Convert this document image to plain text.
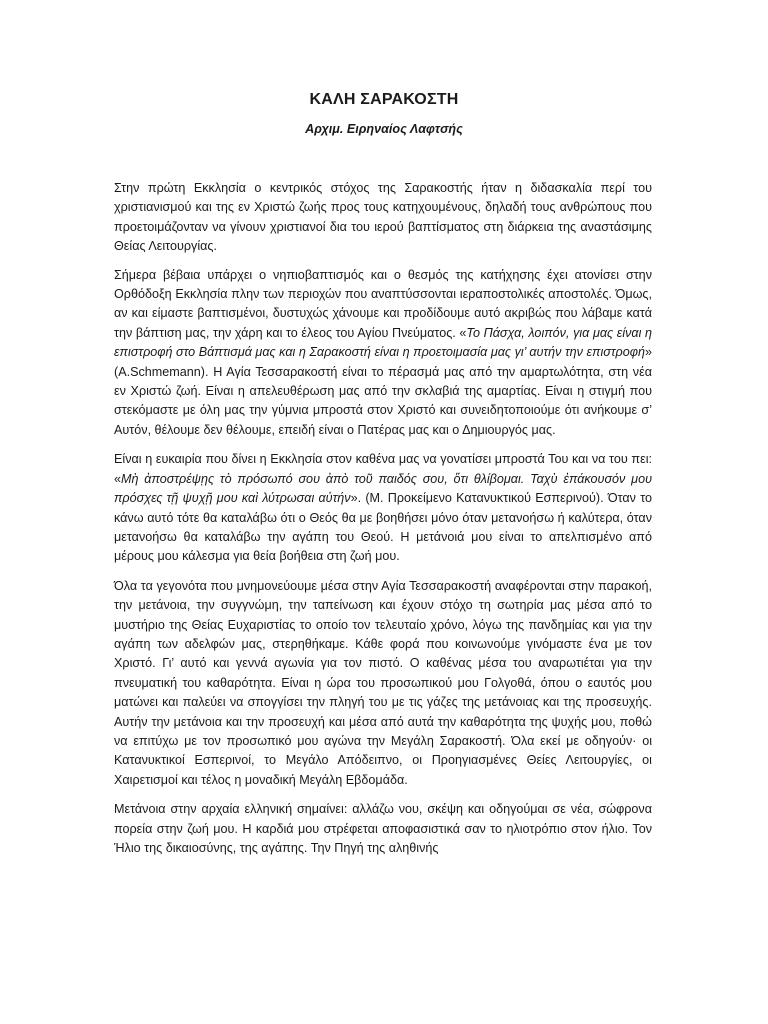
ΚΑΛΗ ΣΑΡΑΚΟΣΤΗ
Αρχιμ. Ειρηναίος Λαφτσής

Στην πρώτη Εκκλησία ο κεντρικός στόχος της Σαρακοστής ήταν η διδασκαλία περί του χριστιανισμού και της εν Χριστώ ζωής προς τους κατηχουμένους, δηλαδή τους ανθρώπους που προετοιμάζονταν να γίνουν χριστιανοί δια του ιερού βαπτίσματος στη διάρκεια της αναστάσιμης Θείας Λειτουργίας.

Σήμερα βέβαια υπάρχει ο νηπιοβαπτισμός και ο θεσμός της κατήχησης έχει ατονίσει στην Ορθόδοξη Εκκλησία πλην των περιοχών που αναπτύσσονται ιεραποστολικές αποστολές. Όμως, αν και είμαστε βαπτισμένοι, δυστυχώς χάνουμε και προδίδουμε αυτό ακριβώς που λάβαμε κατά την βάπτιση μας, την χάρη και το έλεος του Αγίου Πνεύματος. «Το Πάσχα, λοιπόν, για μας είναι η επιστροφή στο Βάπτισμά μας και η Σαρακοστή είναι η προετοιμασία μας γι’ αυτήν την επιστροφή» (A.Schmemann). Η Αγία Τεσσαρακοστή είναι το πέρασμά μας από την αμαρτωλότητα, στη νέα εν Χριστώ ζωή. Είναι η απελευθέρωση μας από την σκλαβιά της αμαρτίας. Είναι η στιγμή που στεκόμαστε με όλη μας την γύμνια μπροστά στον Χριστό και συνειδητοποιούμε ότι ανήκουμε σ’ Αυτόν, θέλουμε δεν θέλουμε, επειδή είναι ο Πατέρας μας και ο Δημιουργός μας.

Είναι η ευκαιρία που δίνει η Εκκλησία στον καθένα μας να γονατίσει μπροστά Του και να του πει: «Μὴ ἀποστρέψῃς τὸ πρόσωπό σου ἀπὸ τοῦ παιδός σου, ὅτι θλίβομαι. Ταχὺ ἐπάκουσόν μου πρόσχες τῇ ψυχῇ μου καὶ λύτρωσαι αὐτήν». (Μ. Προκείμενο Κατανυκτικού Εσπερινού). Όταν το κάνω αυτό τότε θα καταλάβω ότι ο Θεός θα με βοηθήσει μόνο όταν μετανοήσω ή καλύτερα, όταν μετανοήσω θα καταλάβω την αγάπη του Θεού. Η μετάνοιά μου είναι το απελπισμένο από μέρους μου κάλεσμα για θεία βοήθεια στη ζωή μου.

Όλα τα γεγονότα που μνημονεύουμε μέσα στην Αγία Τεσσαρακοστή αναφέρονται στην παρακοή, την μετάνοια, την συγγνώμη, την ταπείνωση και έχουν στόχο τη σωτηρία μας μέσα από το μυστήριο της Θείας Ευχαριστίας το οποίο τον τελευταίο χρόνο, λόγω της πανδημίας και για την αγάπη των αδελφών μας, στερηθήκαμε. Κάθε φορά που κοινωνούμε γινόμαστε ένα με τον Χριστό. Γι’ αυτό και γεννά αγωνία για τον πιστό. Ο καθένας μέσα του αναρωτιέται για την πνευματική του καθαρότητα. Είναι η ώρα του προσωπικού μου Γολγοθά, όπου ο εαυτός μου ματώνει και παλεύει να σπογγίσει την πληγή του με τις γάζες της μετάνοιας και της προσευχής. Αυτήν την μετάνοια και την προσευχή και μέσα από αυτά την καθαρότητα της ψυχής μου, ποθώ να επιτύχω με τον προσωπικό μου αγώνα την Μεγάλη Σαρακοστή. Όλα εκεί με οδηγούν· οι Κατανυκτικοί Εσπερινοί, το Μεγάλο Απόδειπνο, οι Προηγιασμένες Θείες Λειτουργίες, οι Χαιρετισμοί και τέλος η μοναδική Μεγάλη Εβδομάδα.

Μετάνοια στην αρχαία ελληνική σημαίνει: αλλάζω νου, σκέψη και οδηγούμαι σε νέα, σώφρονα πορεία στην ζωή μου. Η καρδιά μου στρέφεται αποφασιστικά σαν το ηλιοτρόπιο στον ήλιο. Τον Ήλιο της δικαιοσύνης, της αγάπης. Την Πηγή της αληθινής
